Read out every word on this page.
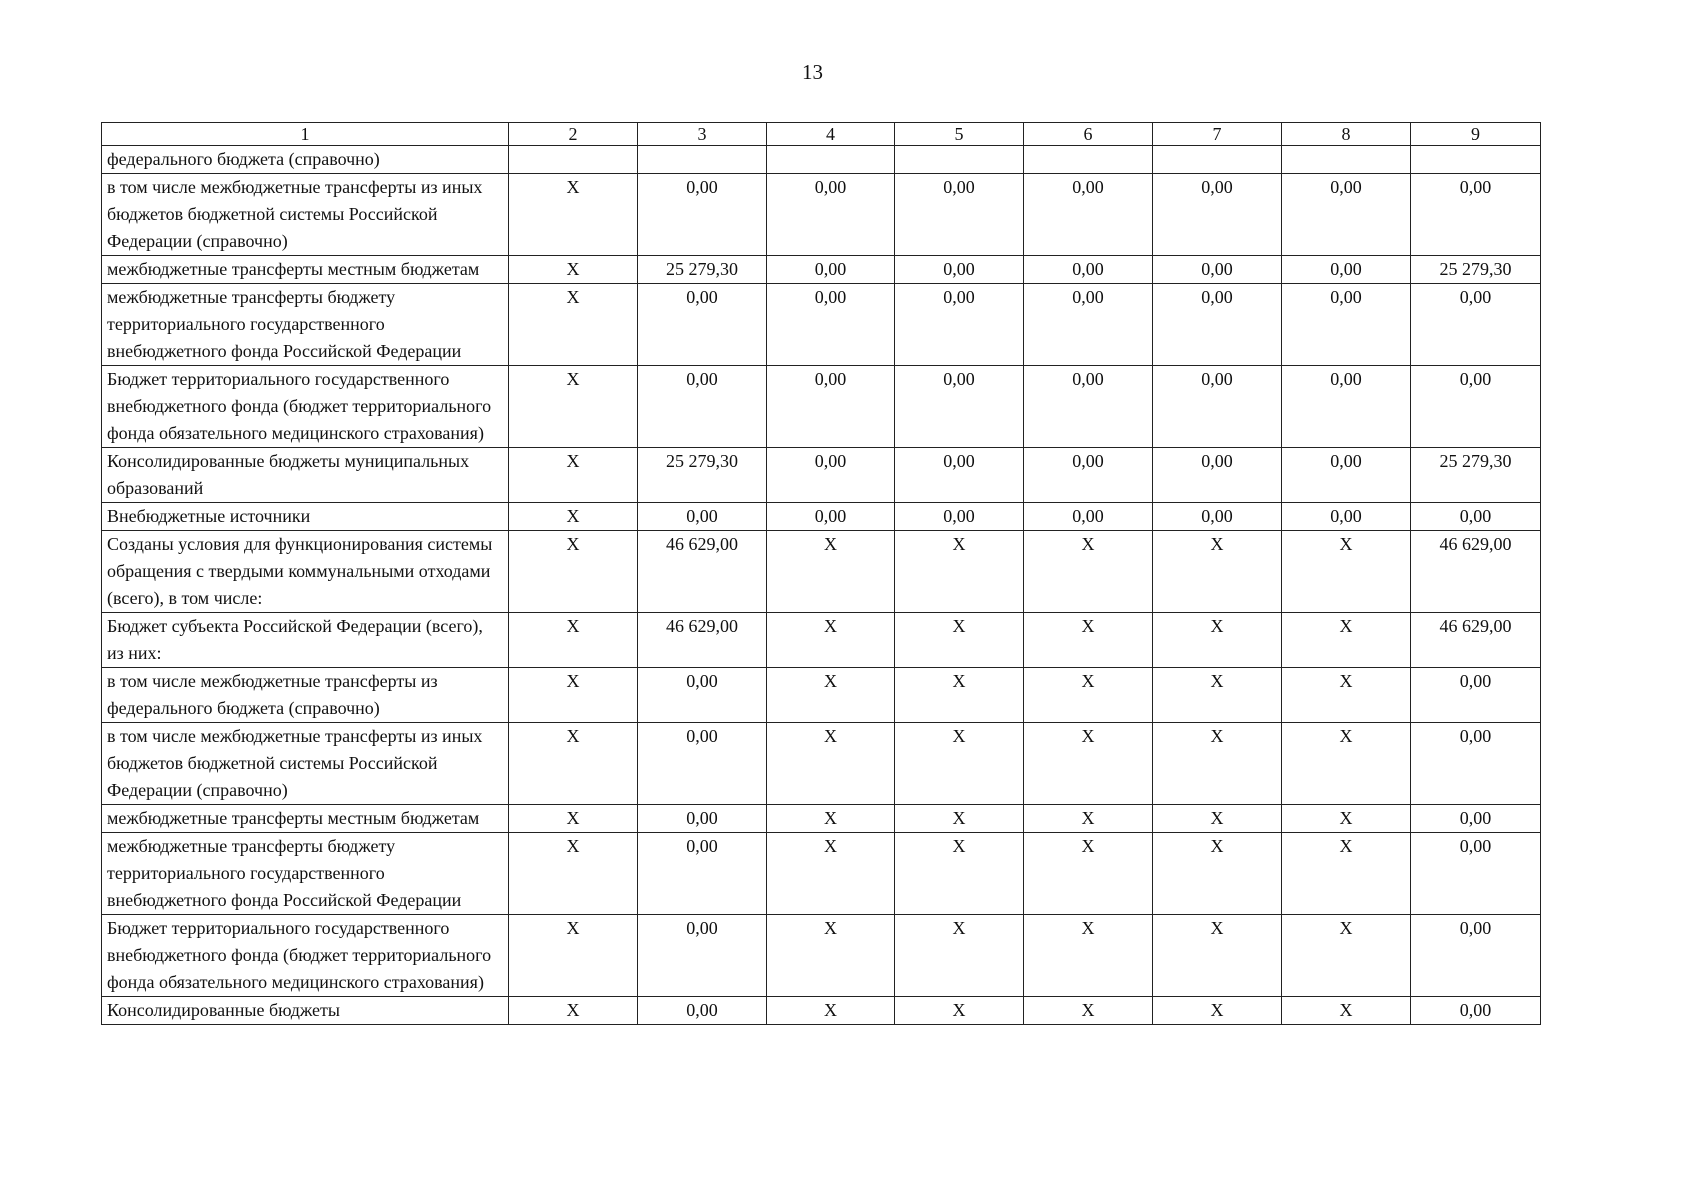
13
1	2	3	4	5	6	7	8	9
федерального бюджета (справочно)								
в том числе межбюджетные трансферты из иных бюджетов бюджетной системы Российской Федерации (справочно)	X	0,00	0,00	0,00	0,00	0,00	0,00	0,00
межбюджетные трансферты местным бюджетам	X	25 279,30	0,00	0,00	0,00	0,00	0,00	25 279,30
межбюджетные трансферты бюджету территориального государственного внебюджетного фонда Российской Федерации	X	0,00	0,00	0,00	0,00	0,00	0,00	0,00
Бюджет территориального государственного внебюджетного фонда (бюджет территориального фонда обязательного медицинского страхования)	X	0,00	0,00	0,00	0,00	0,00	0,00	0,00
Консолидированные бюджеты муниципальных образований	X	25 279,30	0,00	0,00	0,00	0,00	0,00	25 279,30
Внебюджетные источники	X	0,00	0,00	0,00	0,00	0,00	0,00	0,00
Созданы условия для функционирования системы обращения с твердыми коммунальными отходами (всего), в том числе:	X	46 629,00	X	X	X	X	X	46 629,00
Бюджет субъекта Российской Федерации (всего), из них:	X	46 629,00	X	X	X	X	X	46 629,00
в том числе межбюджетные трансферты из федерального бюджета (справочно)	X	0,00	X	X	X	X	X	0,00
в том числе межбюджетные трансферты из иных бюджетов бюджетной системы Российской Федерации (справочно)	X	0,00	X	X	X	X	X	0,00
межбюджетные трансферты местным бюджетам	X	0,00	X	X	X	X	X	0,00
межбюджетные трансферты бюджету территориального государственного внебюджетного фонда Российской Федерации	X	0,00	X	X	X	X	X	0,00
Бюджет территориального государственного внебюджетного фонда (бюджет территориального фонда обязательного медицинского страхования)	X	0,00	X	X	X	X	X	0,00
Консолидированные бюджеты	X	0,00	X	X	X	X	X	0,00
